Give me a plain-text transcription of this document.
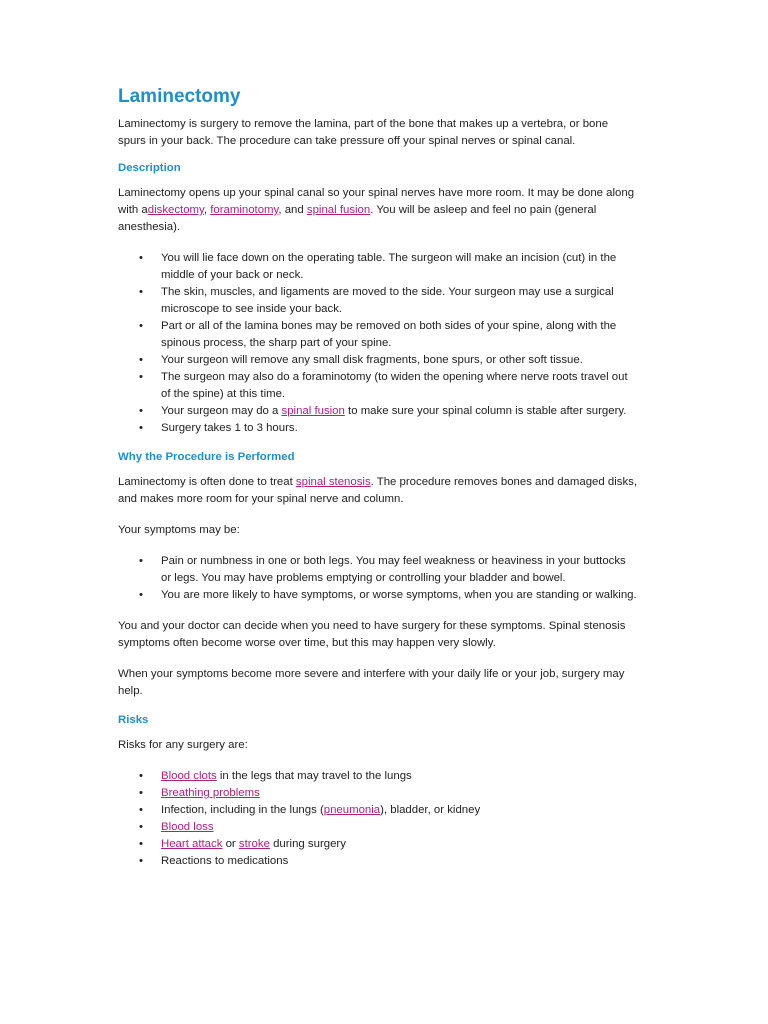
Laminectomy

Laminectomy is surgery to remove the lamina, part of the bone that makes up a vertebra, or bone spurs in your back. The procedure can take pressure off your spinal nerves or spinal canal.

Description

Laminectomy opens up your spinal canal so your spinal nerves have more room. It may be done along with adiskectomy, foraminotomy, and spinal fusion. You will be asleep and feel no pain (general anesthesia).

• You will lie face down on the operating table. The surgeon will make an incision (cut) in the middle of your back or neck.
• The skin, muscles, and ligaments are moved to the side. Your surgeon may use a surgical microscope to see inside your back.
• Part or all of the lamina bones may be removed on both sides of your spine, along with the spinous process, the sharp part of your spine.
• Your surgeon will remove any small disk fragments, bone spurs, or other soft tissue.
• The surgeon may also do a foraminotomy (to widen the opening where nerve roots travel out of the spine) at this time.
• Your surgeon may do a spinal fusion to make sure your spinal column is stable after surgery.
• Surgery takes 1 to 3 hours.
Why the Procedure is Performed

Laminectomy is often done to treat spinal stenosis. The procedure removes bones and damaged disks, and makes more room for your spinal nerve and column.

Your symptoms may be:

• Pain or numbness in one or both legs. You may feel weakness or heaviness in your buttocks or legs. You may have problems emptying or controlling your bladder and bowel.
• You are more likely to have symptoms, or worse symptoms, when you are standing or walking.

You and your doctor can decide when you need to have surgery for these symptoms. Spinal stenosis symptoms often become worse over time, but this may happen very slowly.

When your symptoms become more severe and interfere with your daily life or your job, surgery may help.

Risks

Risks for any surgery are:

• Blood clots in the legs that may travel to the lungs
• Breathing problems
• Infection, including in the lungs (pneumonia), bladder, or kidney
• Blood loss
• Heart attack or stroke during surgery
• Reactions to medications
